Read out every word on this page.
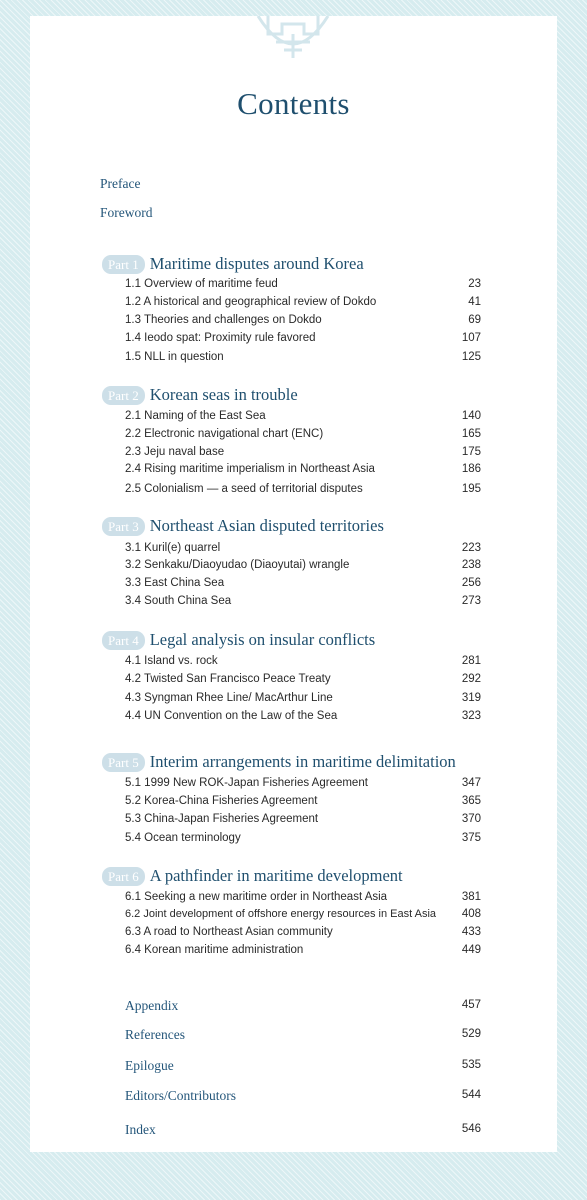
Contents
Preface
Foreword
Part 1 Maritime disputes around Korea
1.1 Overview of maritime feud	23
1.2 A historical and geographical review of Dokdo	41
1.3 Theories and challenges on Dokdo	69
1.4 Ieodo spat: Proximity rule favored	107
1.5 NLL in question	125
Part 2 Korean seas in trouble
2.1 Naming of the East Sea	140
2.2 Electronic navigational chart (ENC)	165
2.3 Jeju naval base	175
2.4 Rising maritime imperialism in Northeast Asia	186
2.5 Colonialism — a seed of territorial disputes	195
Part 3 Northeast Asian disputed territories
3.1 Kuril(e) quarrel	223
3.2 Senkaku/Diaoyudao (Diaoyutai) wrangle	238
3.3 East China Sea	256
3.4 South China Sea	273
Part 4 Legal analysis on insular conflicts
4.1 Island vs. rock	281
4.2 Twisted San Francisco Peace Treaty	292
4.3 Syngman Rhee Line/ MacArthur Line	319
4.4 UN Convention on the Law of the Sea	323
Part 5 Interim arrangements in maritime delimitation
5.1 1999 New ROK-Japan Fisheries Agreement	347
5.2 Korea-China Fisheries Agreement	365
5.3 China-Japan Fisheries Agreement	370
5.4 Ocean terminology	375
Part 6 A pathfinder in maritime development
6.1 Seeking a new maritime order in Northeast Asia	381
6.2 Joint development of offshore energy resources in East Asia 408
6.3 A road to Northeast Asian community	433
6.4 Korean maritime administration	449
Appendix	457
References	529
Epilogue	535
Editors/Contributors	544
Index	546
